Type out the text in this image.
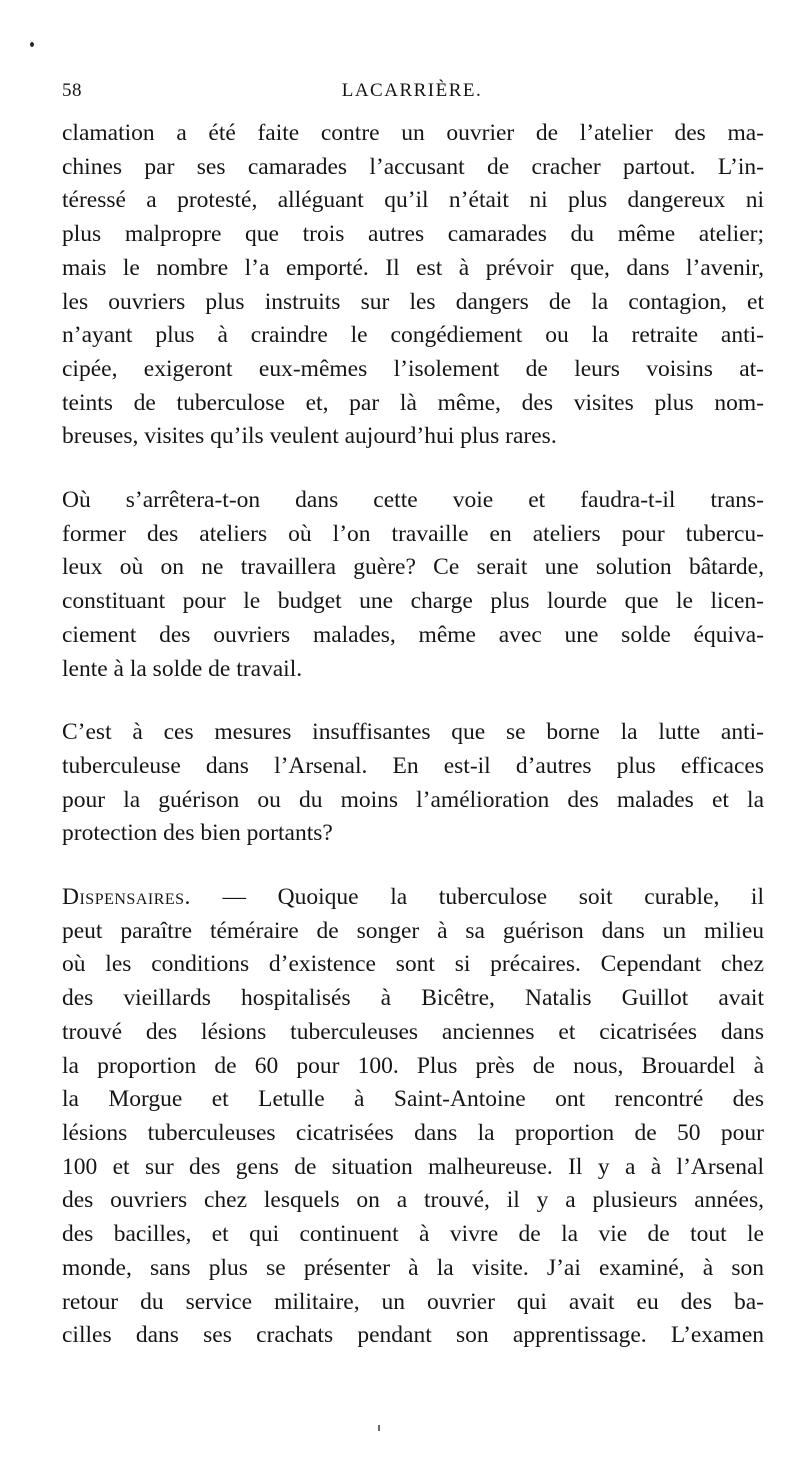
58	LACARRIÈRE.
clamation a été faite contre un ouvrier de l’atelier des ma-
chines par ses camarades l’accusant de cracher partout. L’in-
téressé a protesté, alléguant qu’il n’était ni plus dangereux ni
plus malpropre que trois autres camarades du même atelier;
mais le nombre l’a emporté. Il est à prévoir que, dans l’avenir,
les ouvriers plus instruits sur les dangers de la contagion, et
n’ayant plus à craindre le congédiement ou la retraite anti-
cipée, exigeront eux-mêmes l’isolement de leurs voisins at-
teints de tuberculose et, par là même, des visites plus nom-
breuses, visites qu’ils veulent aujourd’hui plus rares.
Où s’arrêtera-t-on dans cette voie et faudra-t-il trans-
former des ateliers où l’on travaille en ateliers pour tubercu-
leux où on ne travaillera guère? Ce serait une solution bâtarde,
constituant pour le budget une charge plus lourde que le licen-
ciement des ouvriers malades, même avec une solde équiva-
lente à la solde de travail.
C’est à ces mesures insuffisantes que se borne la lutte anti-
tuberculeuse dans l’Arsenal. En est-il d’autres plus efficaces
pour la guérison ou du moins l’amélioration des malades et la
protection des bien portants?
Dispensaires. — Quoique la tuberculose soit curable, il
peut paraître téméraire de songer à sa guérison dans un milieu
où les conditions d’existence sont si précaires. Cependant chez
des vieillards hospitalisés à Bicêtre, Natalis Guillot avait
trouvé des lésions tuberculeuses anciennes et cicatrisées dans
la proportion de 60 pour 100. Plus près de nous, Brouardel à
la Morgue et Letulle à Saint-Antoine ont rencontré des
lésions tuberculeuses cicatrisées dans la proportion de 50 pour
100 et sur des gens de situation malheureuse. Il y a à l’Arsenal
des ouvriers chez lesquels on a trouvé, il y a plusieurs années,
des bacilles, et qui continuent à vivre de la vie de tout le
monde, sans plus se présenter à la visite. J’ai examiné, à son
retour du service militaire, un ouvrier qui avait eu des ba-
cilles dans ses crachats pendant son apprentissage. L’examen
